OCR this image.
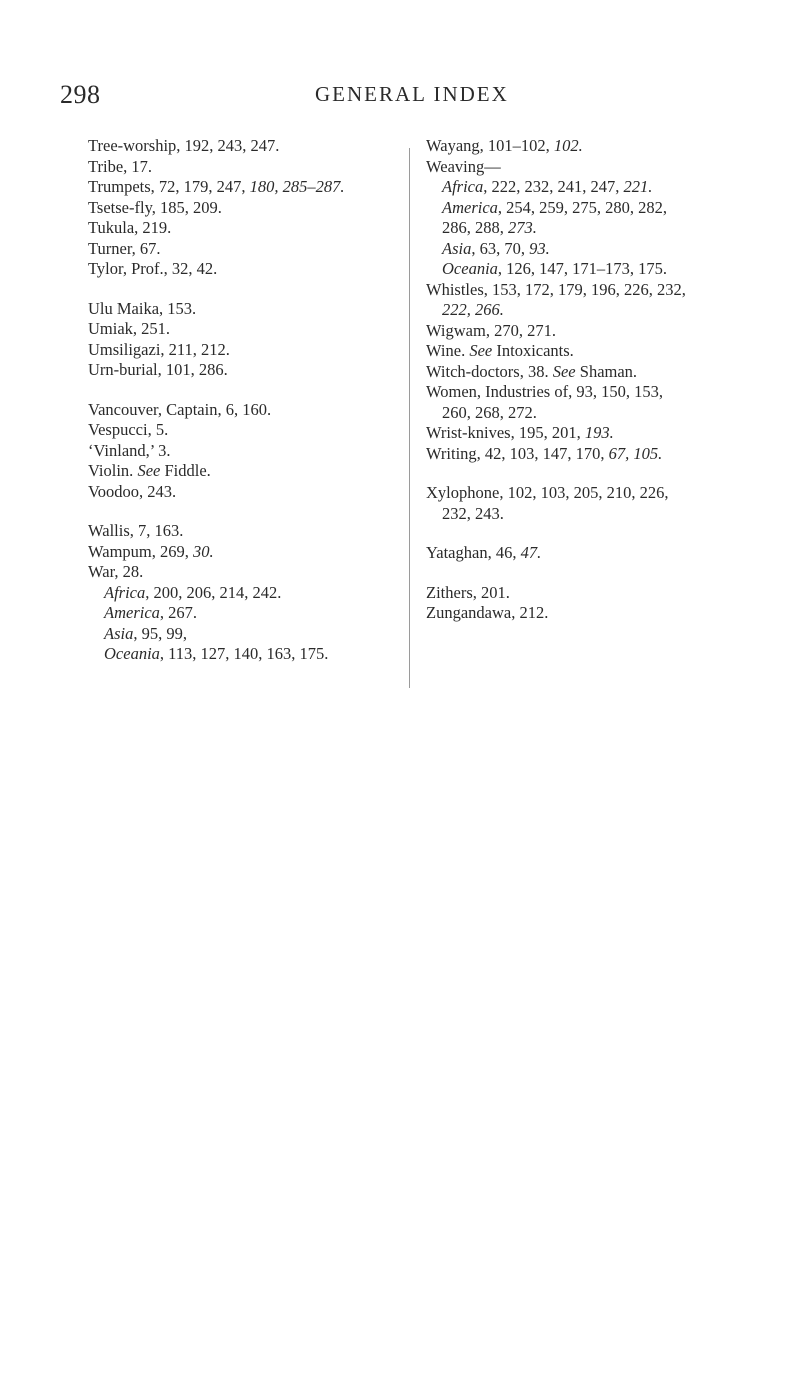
298	GENERAL INDEX
Tree-worship, 192, 243, 247.
Tribe, 17.
Trumpets, 72, 179, 247, 180, 285–287.
Tsetse-fly, 185, 209.
Tukula, 219.
Turner, 67.
Tylor, Prof., 32, 42.
Ulu Maika, 153.
Umiak, 251.
Umsiligazi, 211, 212.
Urn-burial, 101, 286.
Vancouver, Captain, 6, 160.
Vespucci, 5.
‘Vinland,’ 3.
Violin. See Fiddle.
Voodoo, 243.
Wallis, 7, 163.
Wampum, 269, 30.
War, 28.
Africa, 200, 206, 214, 242.
America, 267.
Asia, 95, 99,
Oceania, 113, 127, 140, 163, 175.
Wayang, 101–102, 102.
Weaving—
Africa, 222, 232, 241, 247, 221.
America, 254, 259, 275, 280, 282,
286, 288, 273.
Asia, 63, 70, 93.
Oceania, 126, 147, 171–173, 175.
Whistles, 153, 172, 179, 196, 226, 232,
222, 266.
Wigwam, 270, 271.
Wine. See Intoxicants.
Witch-doctors, 38. See Shaman.
Women, Industries of, 93, 150, 153,
260, 268, 272.
Wrist-knives, 195, 201, 193.
Writing, 42, 103, 147, 170, 67, 105.
Xylophone, 102, 103, 205, 210, 226,
232, 243.
Yataghan, 46, 47.
Zithers, 201.
Zungandawa, 212.
